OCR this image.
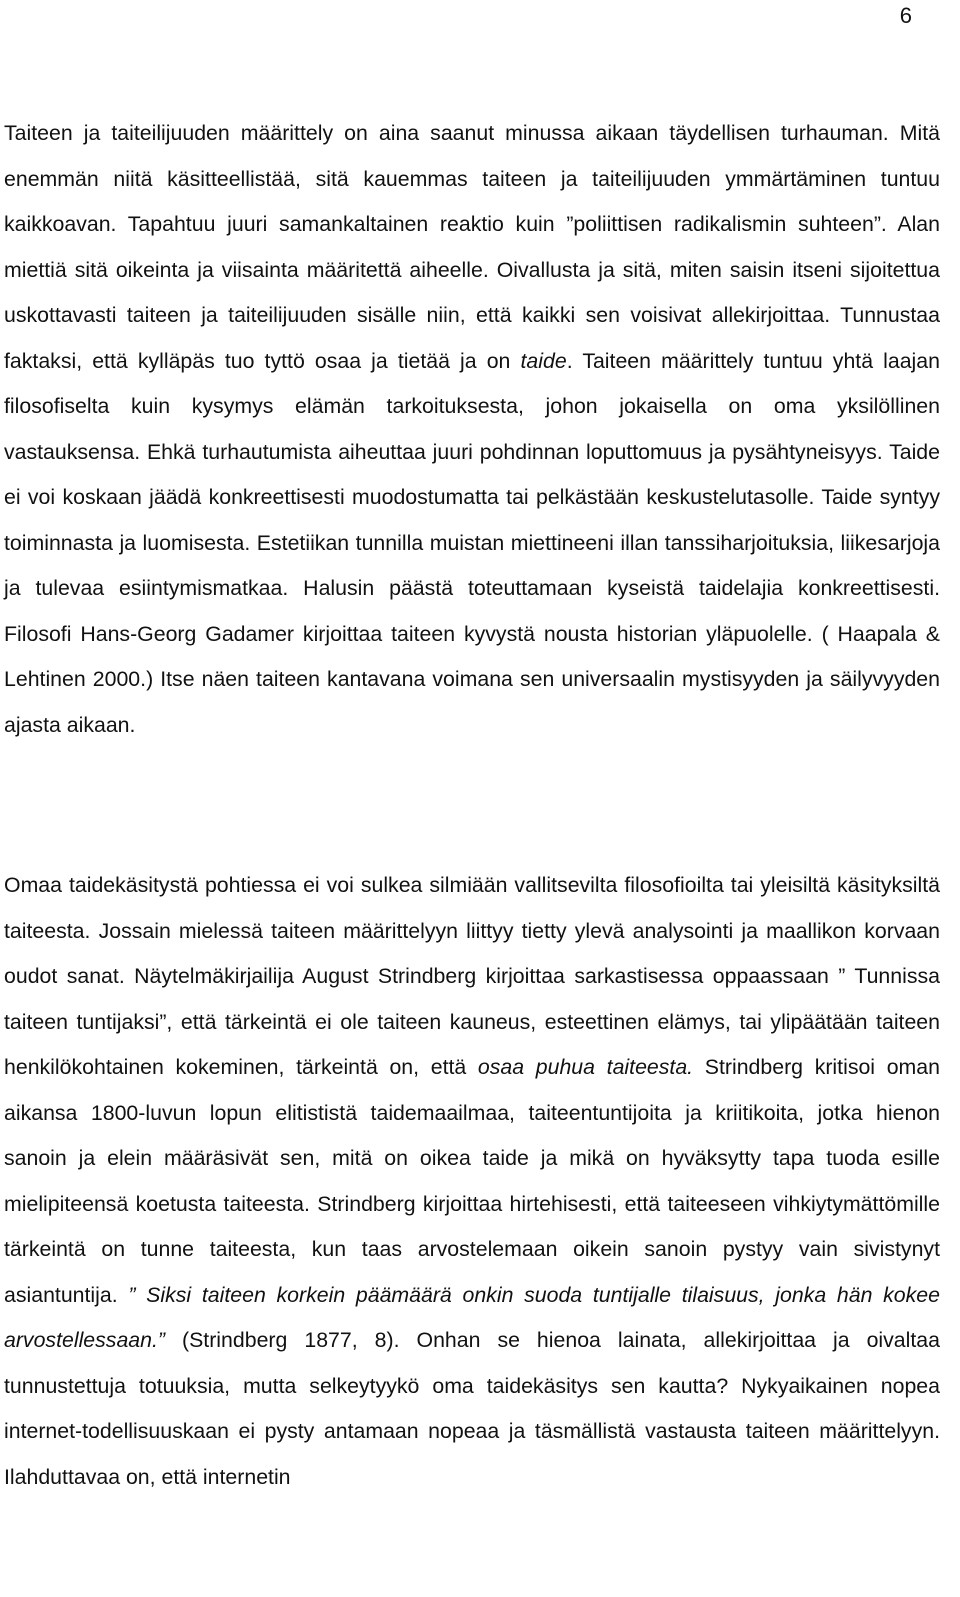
6

Taiteen ja taiteilijuuden määrittely on aina saanut minussa aikaan täydellisen turhauman. Mitä enemmän niitä käsitteellistää, sitä kauemmas taiteen ja taiteilijuuden ymmärtäminen tuntuu kaikkoavan. Tapahtuu juuri samankaltainen reaktio kuin ”poliittisen radikalismin suhteen”. Alan miettiä sitä oikeinta ja viisainta määritettä aiheelle. Oivallusta ja sitä, miten saisin itseni sijoitettua uskottavasti taiteen ja taiteilijuuden sisälle niin, että kaikki sen voisivat allekirjoittaa. Tunnustaa faktaksi, että kylläpäs tuo tyttö osaa ja tietää ja on taide. Taiteen määrittely tuntuu yhtä laajan filosofiselta kuin kysymys elämän tarkoituksesta, johon jokaisella on oma yksilöllinen vastauksensa. Ehkä turhautumista aiheuttaa juuri pohdinnan loputtomuus ja pysähtyneisyys. Taide ei voi koskaan jäädä konkreettisesti muodostumatta tai pelkästään keskustelutasolle. Taide syntyy toiminnasta ja luomisesta. Estetiikan tunnilla muistan miettineeni illan tanssiharjoituksia, liikesarjoja ja tulevaa esiintymismatkaa. Halusin päästä toteuttamaan kyseistä taidelajia konkreettisesti. Filosofi Hans-Georg Gadamer kirjoittaa taiteen kyvystä nousta historian yläpuolelle. ( Haapala & Lehtinen 2000.) Itse näen taiteen kantavana voimana sen universaalin mystisyyden ja säilyvyyden ajasta aikaan.

Omaa taidekäsitystä pohtiessa ei voi sulkea silmiään vallitsevilta filosofioilta tai yleisiltä käsityksiltä taiteesta. Jossain mielessä taiteen määrittelyyn liittyy tietty ylevä analysointi ja maallikon korvaan oudot sanat. Näytelmäkirjailija August Strindberg kirjoittaa sarkastisessa oppaassaan ” Tunnissa taiteen tuntijaksi”, että tärkeintä ei ole taiteen kauneus, esteettinen elämys, tai ylipäätään taiteen henkilökohtainen kokeminen, tärkeintä on, että osaa puhua taiteesta. Strindberg kritisoi oman aikansa 1800-luvun lopun elitististä taidemaailmaa, taiteentuntijoita ja kriitikoita, jotka hienon sanoin ja elein määräsivät sen, mitä on oikea taide ja mikä on hyväksytty tapa tuoda esille mielipiteensä koetusta taiteesta. Strindberg kirjoittaa hirtehisesti, että taiteeseen vihkiytymättömille tärkeintä on tunne taiteesta, kun taas arvostelemaan oikein sanoin pystyy vain sivistynyt asiantuntija. ” Siksi taiteen korkein päämäärä onkin suoda tuntijalle tilaisuus, jonka hän kokee arvostellessaan.” (Strindberg 1877, 8). Onhan se hienoa lainata, allekirjoittaa ja oivaltaa tunnustettuja totuuksia, mutta selkeytyykö oma taidekäsitys sen kautta? Nykyaikainen nopea internet-todellisuuskaan ei pysty antamaan nopeaa ja täsmällistä vastausta taiteen määrittelyyn. Ilahduttavaa on, että internetin
